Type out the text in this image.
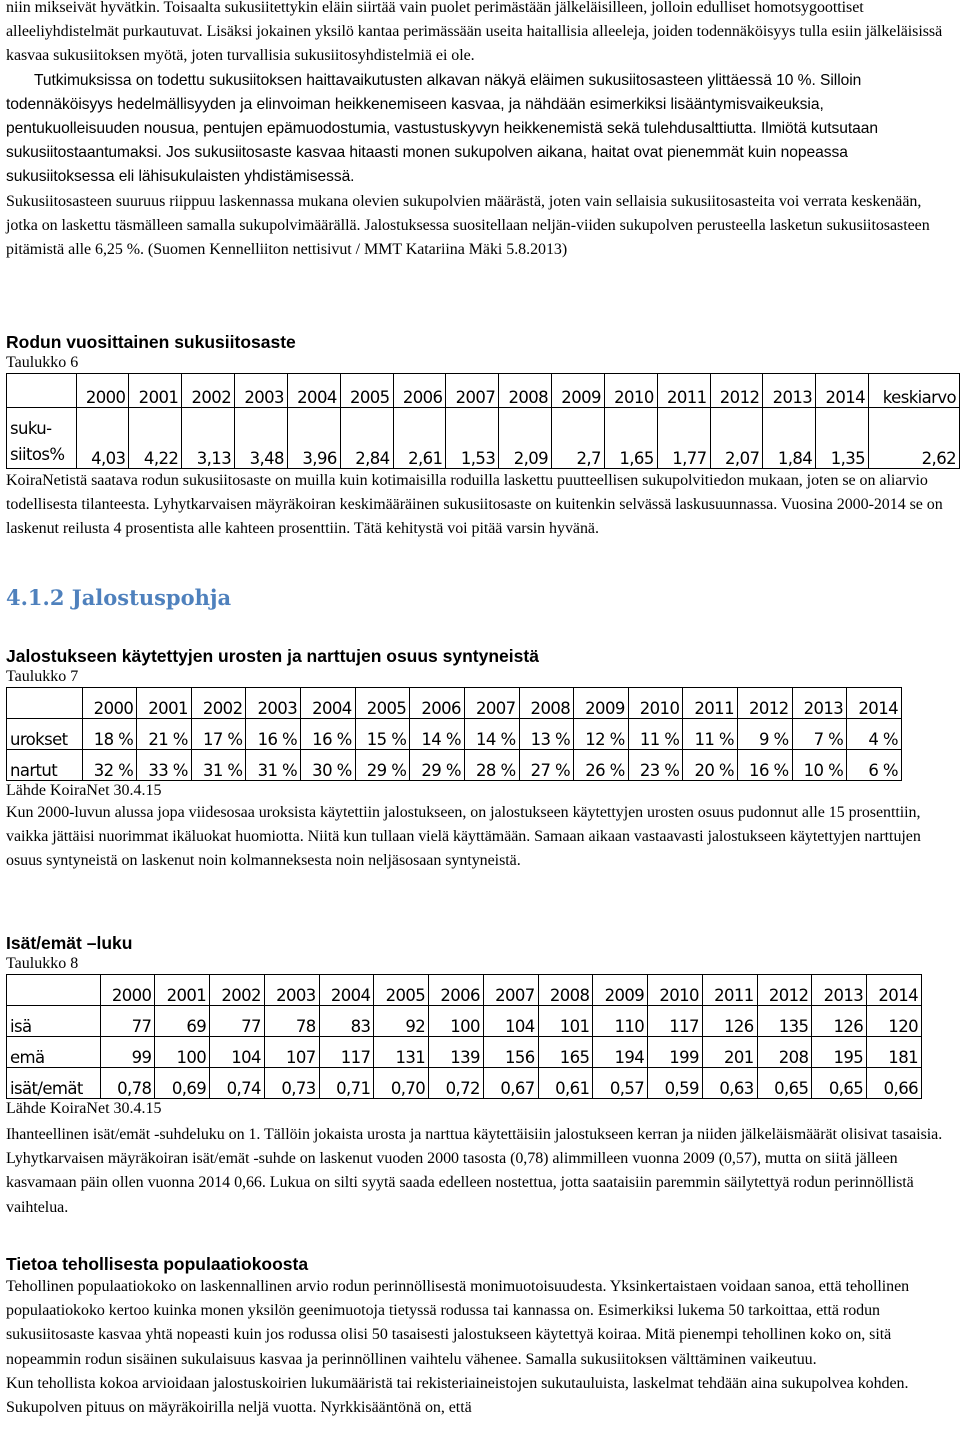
niin mikseivät hyvätkin. Toisaalta sukusiitettykin eläin siirtää vain puolet perimästään jälkeläisilleen, jolloin edulliset homotsygoottiset alleeliyhdistelmät purkautuvat. Lisäksi jokainen yksilö kantaa perimässään useita haitallisia alleeleja, joiden todennäköisyys tulla esiin jälkeläisissä kasvaa sukusiitoksen myötä, joten turvallisia sukusiitosyhdistelmiä ei ole.

Tutkimuksissa on todettu sukusiitoksen haittavaikutusten alkavan näkyä eläimen sukusiitosasteen ylittäessä 10 %. Silloin todennäköisyys hedelmällisyyden ja elinvoiman heikkenemiseen kasvaa, ja nähdään esimerkiksi lisääntymisvaikeuksia, pentukuolleisuuden nousua, pentujen epämuodostumia, vastustuskyvyn heikkenemistä sekä tulehdusalttiutta. Ilmiötä kutsutaan sukusiitostaantumaksi. Jos sukusiitosaste kasvaa hitaasti monen sukupolven aikana, haitat ovat pienemmät kuin nopeassa sukusiitoksessa eli lähisukulaisten yhdistämisessä.

Sukusiitosasteen suuruus riippuu laskennassa mukana olevien sukupolvien määrästä, joten vain sellaisia sukusiitosasteita voi verrata keskenään, jotka on laskettu täsmälleen samalla sukupolvimäärällä. Jalostuksessa suositellaan neljän-viiden sukupolven perusteella lasketun sukusiitosasteen pitämistä alle 6,25 %. (Suomen Kennelliiton nettisivut / MMT Katariina Mäki 5.8.2013)

Rodun vuosittainen sukusiitosaste

Taulukko 6

	2000	2001	2002	2003	2004	2005	2006	2007	2008	2009	2010	2011	2012	2013	2014	keskiarvo
suku-
siitos%	4,03	4,22	3,13	3,48	3,96	2,84	2,61	1,53	2,09	2,7	1,65	1,77	2,07	1,84	1,35	2,62

KoiraNetistä saatava rodun sukusiitosaste on muilla kuin kotimaisilla roduilla laskettu puutteellisen sukupolvitiedon mukaan, joten se on aliarvio todellisesta tilanteesta. Lyhytkarvaisen mäyräkoiran keskimääräinen sukusiitosaste on kuitenkin selvässä laskusuunnassa. Vuosina 2000-2014 se on laskenut reilusta 4 prosentista alle kahteen prosenttiin. Tätä kehitystä voi pitää varsin hyvänä.

4.1.2 Jalostuspohja
Jalostukseen käytettyjen urosten ja narttujen osuus syntyneistä

Taulukko 7

	2000	2001	2002	2003	2004	2005	2006	2007	2008	2009	2010	2011	2012	2013	2014
urokset	18 %	21 %	17 %	16 %	16 %	15 %	14 %	14 %	13 %	12 %	11 %	11 %	9 %	7 %	4 %
nartut	32 %	33 %	31 %	31 %	30 %	29 %	29 %	28 %	27 %	26 %	23 %	20 %	16 %	10 %	6 %

Lähde KoiraNet 30.4.15

Kun 2000-luvun alussa jopa viidesosaa uroksista käytettiin jalostukseen, on jalostukseen käytettyjen urosten osuus pudonnut alle 15 prosenttiin, vaikka jättäisi nuorimmat ikäluokat huomiotta. Niitä kun tullaan vielä käyttämään. Samaan aikaan vastaavasti jalostukseen käytettyjen narttujen osuus syntyneistä on laskenut noin kolmanneksesta noin neljäsosaan syntyneistä.

Isät/emät –luku

Taulukko 8

	2000	2001	2002	2003	2004	2005	2006	2007	2008	2009	2010	2011	2012	2013	2014
isä	77	69	77	78	83	92	100	104	101	110	117	126	135	126	120
emä	99	100	104	107	117	131	139	156	165	194	199	201	208	195	181
isät/emät	0,78	0,69	0,74	0,73	0,71	0,70	0,72	0,67	0,61	0,57	0,59	0,63	0,65	0,65	0,66

Lähde KoiraNet 30.4.15

Ihanteellinen isät/emät -suhdeluku on 1. Tällöin jokaista urosta ja narttua käytettäisiin jalostukseen kerran ja niiden jälkeläismäärät olisivat tasaisia. Lyhytkarvaisen mäyräkoiran isät/emät -suhde on laskenut vuoden 2000 tasosta (0,78) alimmilleen vuonna 2009 (0,57), mutta on siitä jälleen kasvamaan päin ollen vuonna 2014 0,66. Lukua on silti syytä saada edelleen nostettua, jotta saataisiin paremmin säilytettyä rodun perinnöllistä vaihtelua.

Tietoa tehollisesta populaatiokoosta

Tehollinen populaatiokoko on laskennallinen arvio rodun perinnöllisestä monimuotoisuudesta. Yksinkertaistaen voidaan sanoa, että tehollinen populaatiokoko kertoo kuinka monen yksilön geenimuotoja tietyssä rodussa tai kannassa on. Esimerkiksi lukema 50 tarkoittaa, että rodun sukusiitosaste kasvaa yhtä nopeasti kuin jos rodussa olisi 50 tasaisesti jalostukseen käytettyä koiraa. Mitä pienempi tehollinen koko on, sitä nopeammin rodun sisäinen sukulaisuus kasvaa ja perinnöllinen vaihtelu vähenee. Samalla sukusiitoksen välttäminen vaikeutuu.

Kun tehollista kokoa arvioidaan jalostuskoirien lukumääristä tai rekisteriaineistojen sukutauluista, laskelmat tehdään aina sukupolvea kohden. Sukupolven pituus on mäyräkoirilla neljä vuotta. Nyrkkisääntönä on, että
